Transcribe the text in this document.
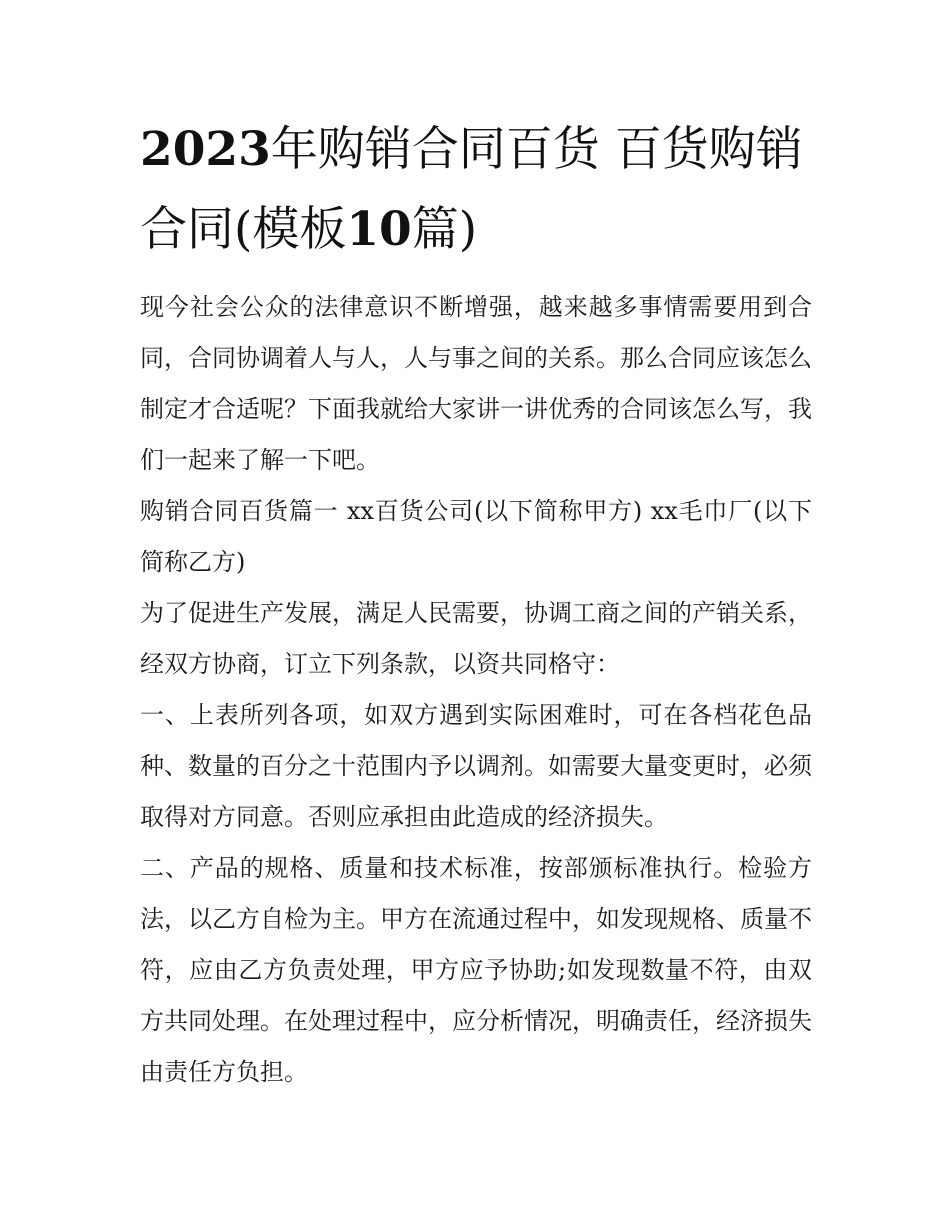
2023年购销合同百货 百货购销合同(模板10篇)

现今社会公众的法律意识不断增强，越来越多事情需要用到合同，合同协调着人与人，人与事之间的关系。那么合同应该怎么制定才合适呢？下面我就给大家讲一讲优秀的合同该怎么写，我们一起来了解一下吧。

购销合同百货篇一 xx百货公司(以下简称甲方) xx毛巾厂(以下简称乙方)

为了促进生产发展，满足人民需要，协调工商之间的产销关系，经双方协商，订立下列条款，以资共同格守：

一、上表所列各项，如双方遇到实际困难时，可在各档花色品种、数量的百分之十范围内予以调剂。如需要大量变更时，必须取得对方同意。否则应承担由此造成的经济损失。

二、产品的规格、质量和技术标准，按部颁标准执行。检验方法，以乙方自检为主。甲方在流通过程中，如发现规格、质量不符，应由乙方负责处理，甲方应予协助;如发现数量不符，由双方共同处理。在处理过程中，应分析情况，明确责任，经济损失由责任方负担。
